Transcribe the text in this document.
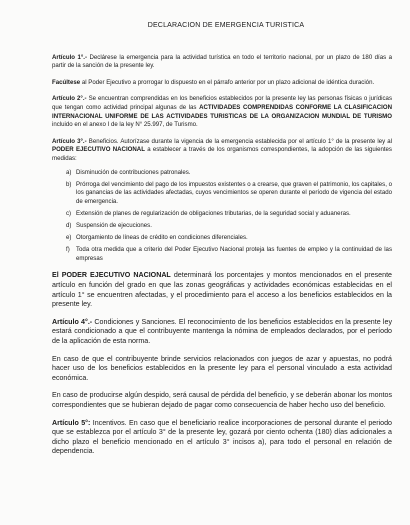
DECLARACION DE EMERGENCIA TURISTICA

Artículo 1°.- Declárese la emergencia para la actividad turística en todo el territorio nacional, por un plazo de 180 días a partir de la sanción de la presente ley.

Facúltese al Poder Ejecutivo a prorrogar lo dispuesto en el párrafo anterior por un plazo adicional de idéntica duración.

Artículo 2°.- Se encuentran comprendidas en los beneficios establecidos por la presente ley las personas físicas o jurídicas que tengan como actividad principal algunas de las ACTIVIDADES COMPRENDIDAS CONFORME LA CLASIFICACION INTERNACIONAL UNIFORME DE LAS ACTIVIDADES TURISTICAS DE LA ORGANIZACION MUNDIAL DE TURISMO incluido en el anexo I de la ley N° 25.997, de Turismo.

Artículo 3°.- Beneficios. Autorízase durante la vigencia de la emergencia establecida por el artículo 1° de la presente ley al PODER EJECUTIVO NACIONAL a establecer a través de los organismos correspondientes, la adopción de las siguientes medidas:

a) Disminución de contribuciones patronales.
b) Prórroga del vencimiento del pago de los impuestos existentes o a crearse, que graven el patrimonio, los capitales, o los ganancias de las actividades afectadas, cuyos vencimientos se operen durante el período de vigencia del estado de emergencia.
c) Extensión de planes de regularización de obligaciones tributarias, de la seguridad social y aduaneras.
d) Suspensión de ejecuciones.
e) Otorgamiento de líneas de crédito en condiciones diferenciales.
f)	Toda otra medida que a criterio del Poder Ejecutivo Nacional proteja las fuentes de empleo y la continuidad de las empresas

El PODER EJECUTIVO NACIONAL determinará los porcentajes y montos mencionados en el presente artículo en función del grado en que las zonas geográficas y actividades económicas establecidas en el artículo 1° se encuentren afectadas, y el procedimiento para el acceso a los beneficios establecidos en la presente ley.

Artículo 4°.- Condiciones y Sanciones. El reconocimiento de los beneficios establecidos en la presente ley estará condicionado a que el contribuyente mantenga la nómina de empleados declarados, por el período de la aplicación de esta norma.

En caso de que el contribuyente brinde servicios relacionados con juegos de azar y apuestas, no podrá hacer uso de los beneficios establecidos en la presente ley para el personal vinculado a esta actividad económica.

En caso de producirse algún despido, será causal de pérdida del beneficio, y se deberán abonar los montos correspondientes que se hubieran dejado de pagar como consecuencia de haber hecho uso del beneficio.

Artículo 5°: Incentivos. En caso que el beneficiario realice incorporaciones de personal durante el periodo que se establezca por el artículo 3° de la presente ley, gozará por ciento ochenta (180) días adicionales a dicho plazo el beneficio mencionado en el artículo 3° incisos a), para todo el personal en relación de dependencia.
